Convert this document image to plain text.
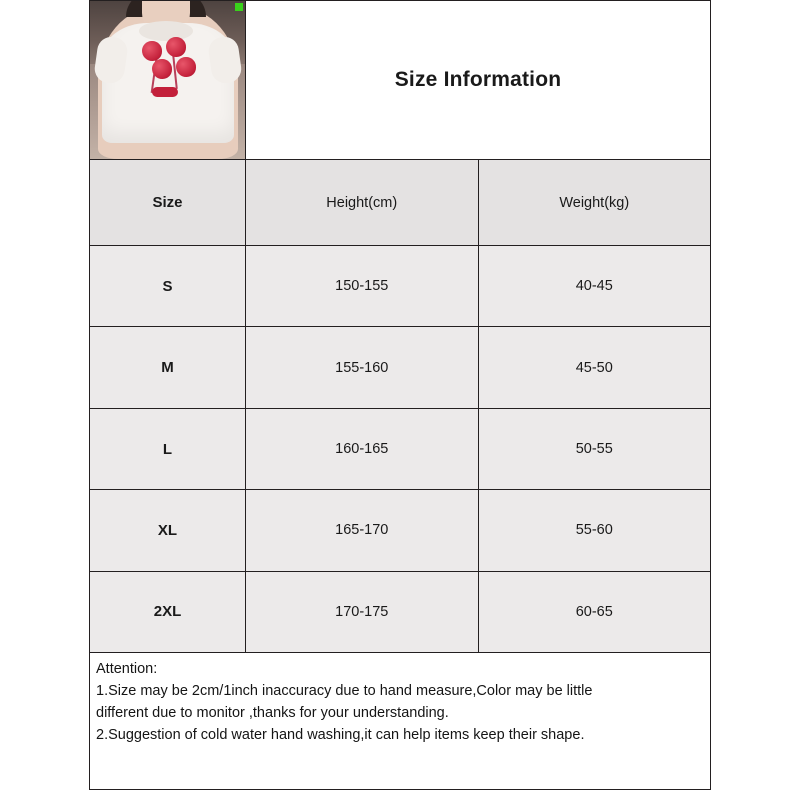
Size Information
Size	Height(cm)	Weight(kg)
S	150-155	40-45
M	155-160	45-50
L	160-165	50-55
XL	165-170	55-60
2XL	170-175	60-65

Attention:

1.Size may be 2cm/1inch inaccuracy due to hand measure,Color may be little

different due to monitor ,thanks for your understanding.

2.Suggestion of cold water hand washing,it can help items keep their shape.
